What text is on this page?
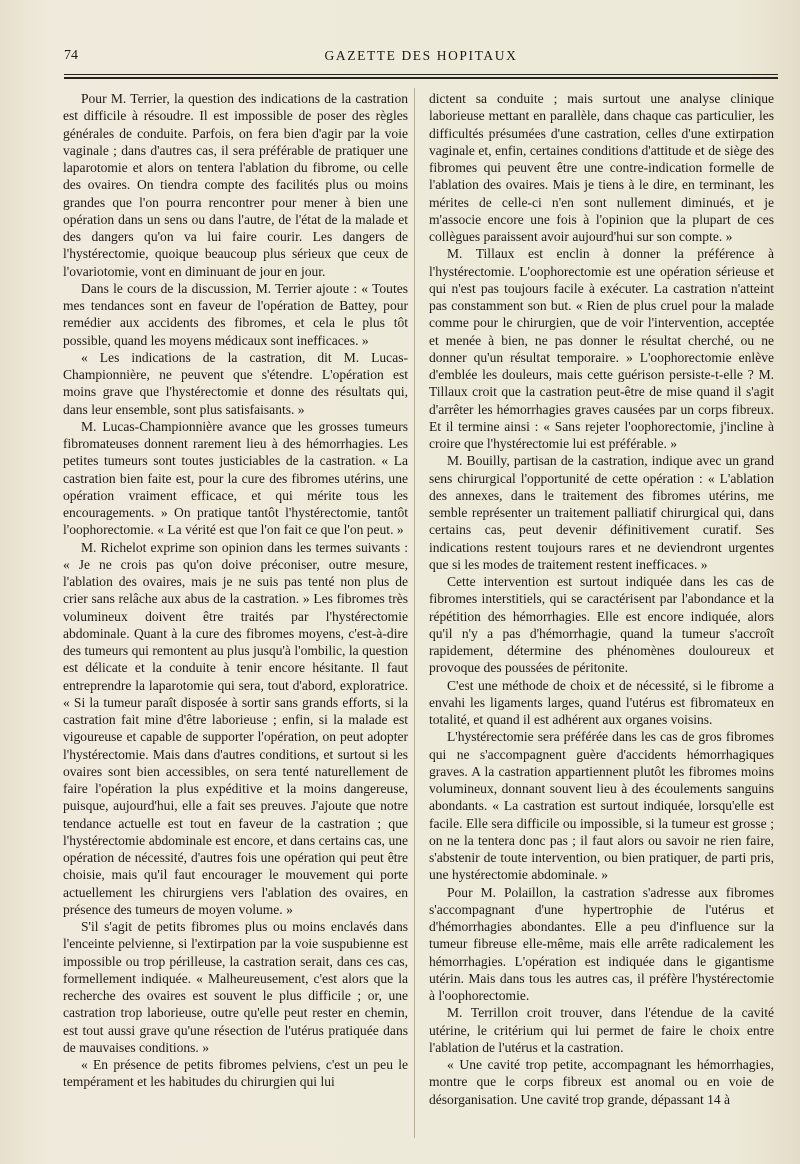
74	GAZETTE DES HOPITAUX

Pour M. Terrier, la question des indications de la castration est difficile à résoudre. Il est impossible de poser des règles générales de conduite. Parfois, on fera bien d'agir par la voie vaginale ; dans d'autres cas, il sera préférable de pratiquer une laparotomie et alors on tentera l'ablation du fibrome, ou celle des ovaires. On tiendra compte des facilités plus ou moins grandes que l'on pourra rencontrer pour mener à bien une opération dans un sens ou dans l'autre, de l'état de la malade et des dangers qu'on va lui faire courir. Les dangers de l'hystérectomie, quoique beaucoup plus sérieux que ceux de l'ovariotomie, vont en diminuant de jour en jour.

Dans le cours de la discussion, M. Terrier ajoute : « Toutes mes tendances sont en faveur de l'opération de Battey, pour remédier aux accidents des fibromes, et cela le plus tôt possible, quand les moyens médicaux sont inefficaces. »

« Les indications de la castration, dit M. Lucas-Championnière, ne peuvent que s'étendre. L'opération est moins grave que l'hystérectomie et donne des résultats qui, dans leur ensemble, sont plus satisfaisants. »

M. Lucas-Championnière avance que les grosses tumeurs fibromateuses donnent rarement lieu à des hémorrhagies. Les petites tumeurs sont toutes justiciables de la castration. « La castration bien faite est, pour la cure des fibromes utérins, une opération vraiment efficace, et qui mérite tous les encouragements. » On pratique tantôt l'hystérectomie, tantôt l'oophorectomie. « La vérité est que l'on fait ce que l'on peut. »

M. Richelot exprime son opinion dans les termes suivants : « Je ne crois pas qu'on doive préconiser, outre mesure, l'ablation des ovaires, mais je ne suis pas tenté non plus de crier sans relâche aux abus de la castration. » Les fibromes très volumineux doivent être traités par l'hystérectomie abdominale. Quant à la cure des fibromes moyens, c'est-à-dire des tumeurs qui remontent au plus jusqu'à l'ombilic, la question est délicate et la conduite à tenir encore hésitante. Il faut entreprendre la laparotomie qui sera, tout d'abord, exploratrice. « Si la tumeur paraît disposée à sortir sans grands efforts, si la castration fait mine d'être laborieuse ; enfin, si la malade est vigoureuse et capable de supporter l'opération, on peut adopter l'hystérectomie. Mais dans d'autres conditions, et surtout si les ovaires sont bien accessibles, on sera tenté naturellement de faire l'opération la plus expéditive et la moins dangereuse, puisque, aujourd'hui, elle a fait ses preuves. J'ajoute que notre tendance actuelle est tout en faveur de la castration ; que l'hystérectomie abdominale est encore, et dans certains cas, une opération de nécessité, d'autres fois une opération qui peut être choisie, mais qu'il faut encourager le mouvement qui porte actuellement les chirurgiens vers l'ablation des ovaires, en présence des tumeurs de moyen volume. »

S'il s'agit de petits fibromes plus ou moins enclavés dans l'enceinte pelvienne, si l'extirpation par la voie suspubienne est impossible ou trop périlleuse, la castration serait, dans ces cas, formellement indiquée. « Malheureusement, c'est alors que la recherche des ovaires est souvent le plus difficile ; or, une castration trop laborieuse, outre qu'elle peut rester en chemin, est tout aussi grave qu'une résection de l'utérus pratiquée dans de mauvaises conditions. »

« En présence de petits fibromes pelviens, c'est un peu le tempérament et les habitudes du chirurgien qui lui

dictent sa conduite ; mais surtout une analyse clinique laborieuse mettant en parallèle, dans chaque cas particulier, les difficultés présumées d'une castration, celles d'une extirpation vaginale et, enfin, certaines conditions d'attitude et de siège des fibromes qui peuvent être une contre-indication formelle de l'ablation des ovaires. Mais je tiens à le dire, en terminant, les mérites de celle-ci n'en sont nullement diminués, et je m'associe encore une fois à l'opinion que la plupart de ces collègues paraissent avoir aujourd'hui sur son compte. »

M. Tillaux est enclin à donner la préférence à l'hystérectomie. L'oophorectomie est une opération sérieuse et qui n'est pas toujours facile à exécuter. La castration n'atteint pas constamment son but. « Rien de plus cruel pour la malade comme pour le chirurgien, que de voir l'intervention, acceptée et menée à bien, ne pas donner le résultat cherché, ou ne donner qu'un résultat temporaire. » L'oophorectomie enlève d'emblée les douleurs, mais cette guérison persiste-t-elle ? M. Tillaux croit que la castration peut-être de mise quand il s'agit d'arrêter les hémorrhagies graves causées par un corps fibreux. Et il termine ainsi : « Sans rejeter l'oophorectomie, j'incline à croire que l'hystérectomie lui est préférable. »

M. Bouilly, partisan de la castration, indique avec un grand sens chirurgical l'opportunité de cette opération : « L'ablation des annexes, dans le traitement des fibromes utérins, me semble représenter un traitement palliatif chirurgical qui, dans certains cas, peut devenir définitivement curatif. Ses indications restent toujours rares et ne deviendront urgentes que si les modes de traitement restent inefficaces. »

Cette intervention est surtout indiquée dans les cas de fibromes interstitiels, qui se caractérisent par l'abondance et la répétition des hémorrhagies. Elle est encore indiquée, alors qu'il n'y a pas d'hémorrhagie, quand la tumeur s'accroît rapidement, détermine des phénomènes douloureux et provoque des poussées de péritonite.

C'est une méthode de choix et de nécessité, si le fibrome a envahi les ligaments larges, quand l'utérus est fibromateux en totalité, et quand il est adhérent aux organes voisins.

L'hystérectomie sera préférée dans les cas de gros fibromes qui ne s'accompagnent guère d'accidents hémorrhagiques graves. A la castration appartiennent plutôt les fibromes moins volumineux, donnant souvent lieu à des écoulements sanguins abondants. « La castration est surtout indiquée, lorsqu'elle est facile. Elle sera difficile ou impossible, si la tumeur est grosse ; on ne la tentera donc pas ; il faut alors ou savoir ne rien faire, s'abstenir de toute intervention, ou bien pratiquer, de parti pris, une hystérectomie abdominale. »

Pour M. Polaillon, la castration s'adresse aux fibromes s'accompagnant d'une hypertrophie de l'utérus et d'hémorrhagies abondantes. Elle a peu d'influence sur la tumeur fibreuse elle-même, mais elle arrête radicalement les hémorrhagies. L'opération est indiquée dans le gigantisme utérin. Mais dans tous les autres cas, il préfère l'hystérectomie à l'oophorectomie.

M. Terrillon croit trouver, dans l'étendue de la cavité utérine, le critérium qui lui permet de faire le choix entre l'ablation de l'utérus et la castration.

« Une cavité trop petite, accompagnant les hémorrhagies, montre que le corps fibreux est anomal ou en voie de désorganisation. Une cavité trop grande, dépassant 14 à
